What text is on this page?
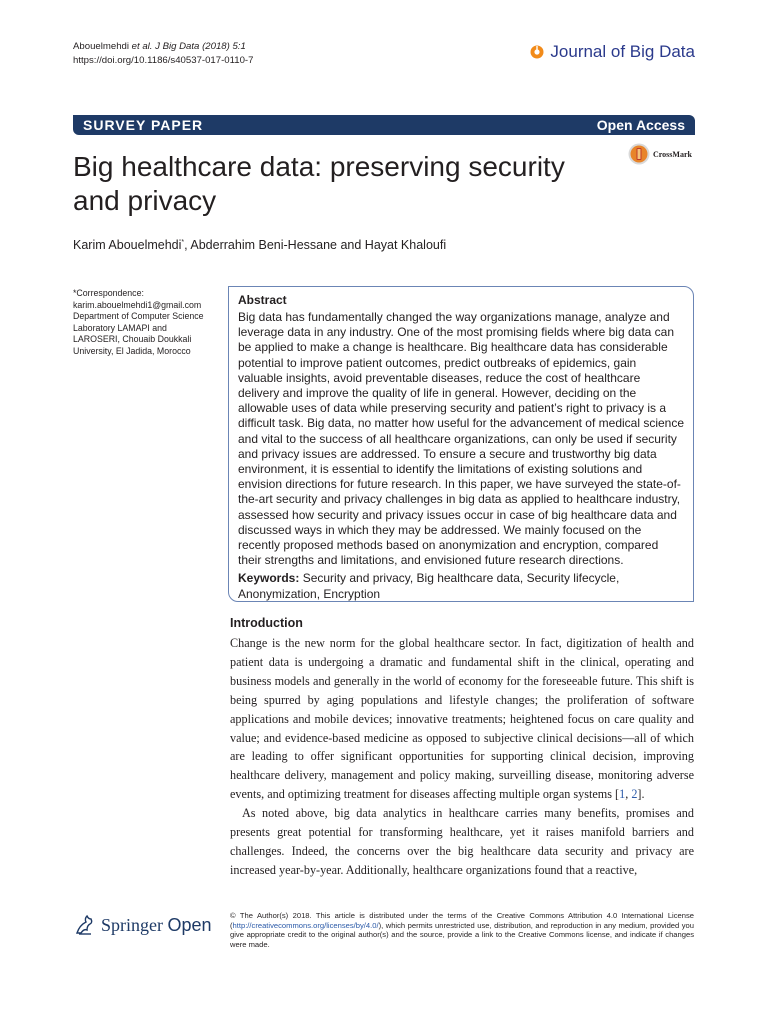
Abouelmehdi et al. J Big Data (2018) 5:1
https://doi.org/10.1186/s40537-017-0110-7	Journal of Big Data
SURVEY PAPER	Open Access
Big healthcare data: preserving security and privacy
CrossMark
Karim Abouelmehdi*, Abderrahim Beni-Hessane and Hayat Khaloufi
*Correspondence:
karim.abouelmehdi1@gmail.com
Department of Computer Science Laboratory LAMAPI and LAROSERI, Chouaib Doukkali University, El Jadida, Morocco
Abstract
Big data has fundamentally changed the way organizations manage, analyze and leverage data in any industry. One of the most promising fields where big data can be applied to make a change is healthcare. Big healthcare data has considerable potential to improve patient outcomes, predict outbreaks of epidemics, gain valuable insights, avoid preventable diseases, reduce the cost of healthcare delivery and improve the quality of life in general. However, deciding on the allowable uses of data while preserving security and patient’s right to privacy is a difficult task. Big data, no matter how useful for the advancement of medical science and vital to the success of all healthcare organizations, can only be used if security and privacy issues are addressed. To ensure a secure and trustworthy big data environment, it is essential to identify the limitations of existing solutions and envision directions for future research. In this paper, we have surveyed the state-of-the-art security and privacy challenges in big data as applied to healthcare industry, assessed how security and privacy issues occur in case of big healthcare data and discussed ways in which they may be addressed. We mainly focused on the recently proposed methods based on anonymization and encryption, compared their strengths and limitations, and envisioned future research directions.
Keywords: Security and privacy, Big healthcare data, Security lifecycle, Anonymization, Encryption
Introduction

Change is the new norm for the global healthcare sector. In fact, digitization of health and patient data is undergoing a dramatic and fundamental shift in the clinical, operating and business models and generally in the world of economy for the foreseeable future. This shift is being spurred by aging populations and lifestyle changes; the proliferation of software applications and mobile devices; innovative treatments; heightened focus on care quality and value; and evidence-based medicine as opposed to subjective clinical decisions—all of which are leading to offer significant opportunities for supporting clinical decision, improving healthcare delivery, management and policy making, surveilling disease, monitoring adverse events, and optimizing treatment for diseases affecting multiple organ systems [1, 2].

As noted above, big data analytics in healthcare carries many benefits, promises and presents great potential for transforming healthcare, yet it raises manifold barriers and challenges. Indeed, the concerns over the big healthcare data security and privacy are increased year-by-year. Additionally, healthcare organizations found that a reactive,

Springer Open © The Author(s) 2018. This article is distributed under the terms of the Creative Commons Attribution 4.0 International License (http://creativecommons.org/licenses/by/4.0/), which permits unrestricted use, distribution, and reproduction in any medium, provided you give appropriate credit to the original author(s) and the source, provide a link to the Creative Commons license, and indicate if changes were made.
